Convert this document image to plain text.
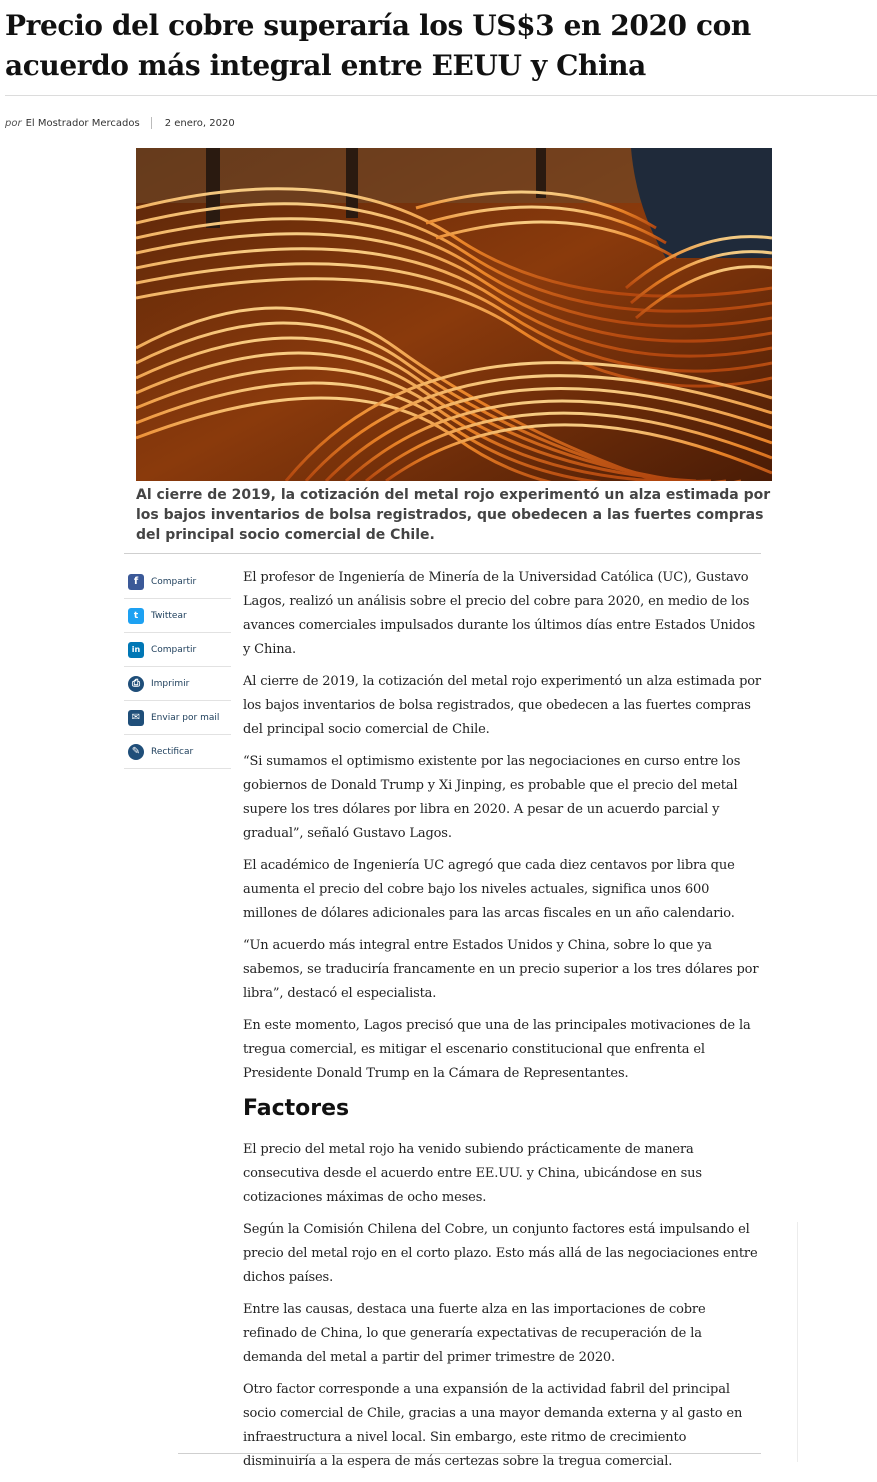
Precio del cobre superaría los US$3 en 2020 con acuerdo más integral entre EEUU y China
por El Mostrador Mercados	2 enero, 2020

Al cierre de 2019, la cotización del metal rojo experimentó un alza estimada por los bajos inventarios de bolsa registrados, que obedecen a las fuertes compras del principal socio comercial de Chile.

f	Compartir
t	Twittear
in	Compartir
⎙	Imprimir
✉	Enviar por mail
✎	Rectificar

El profesor de Ingeniería de Minería de la Universidad Católica (UC), Gustavo Lagos, realizó un análisis sobre el precio del cobre para 2020, en medio de los avances comerciales impulsados durante los últimos días entre Estados Unidos y China.

Al cierre de 2019, la cotización del metal rojo experimentó un alza estimada por los bajos inventarios de bolsa registrados, que obedecen a las fuertes compras del principal socio comercial de Chile.

“Si sumamos el optimismo existente por las negociaciones en curso entre los gobiernos de Donald Trump y Xi Jinping, es probable que el precio del metal supere los tres dólares por libra en 2020. A pesar de un acuerdo parcial y gradual”, señaló Gustavo Lagos.

El académico de Ingeniería UC agregó que cada diez centavos por libra que aumenta el precio del cobre bajo los niveles actuales, significa unos 600 millones de dólares adicionales para las arcas fiscales en un año calendario.

“Un acuerdo más integral entre Estados Unidos y China, sobre lo que ya sabemos, se traduciría francamente en un precio superior a los tres dólares por libra”, destacó el especialista.

En este momento, Lagos precisó que una de las principales motivaciones de la tregua comercial, es mitigar el escenario constitucional que enfrenta el Presidente Donald Trump en la Cámara de Representantes.

Factores

El precio del metal rojo ha venido subiendo prácticamente de manera consecutiva desde el acuerdo entre EE.UU. y China, ubicándose en sus cotizaciones máximas de ocho meses.

Según la Comisión Chilena del Cobre, un conjunto factores está impulsando el precio del metal rojo en el corto plazo. Esto más allá de las negociaciones entre dichos países.

Entre las causas, destaca una fuerte alza en las importaciones de cobre refinado de China, lo que generaría expectativas de recuperación de la demanda del metal a partir del primer trimestre de 2020.

Otro factor corresponde a una expansión de la actividad fabril del principal socio comercial de Chile, gracias a una mayor demanda externa y al gasto en infraestructura a nivel local. Sin embargo, este ritmo de crecimiento disminuiría a la espera de más certezas sobre la tregua comercial.
